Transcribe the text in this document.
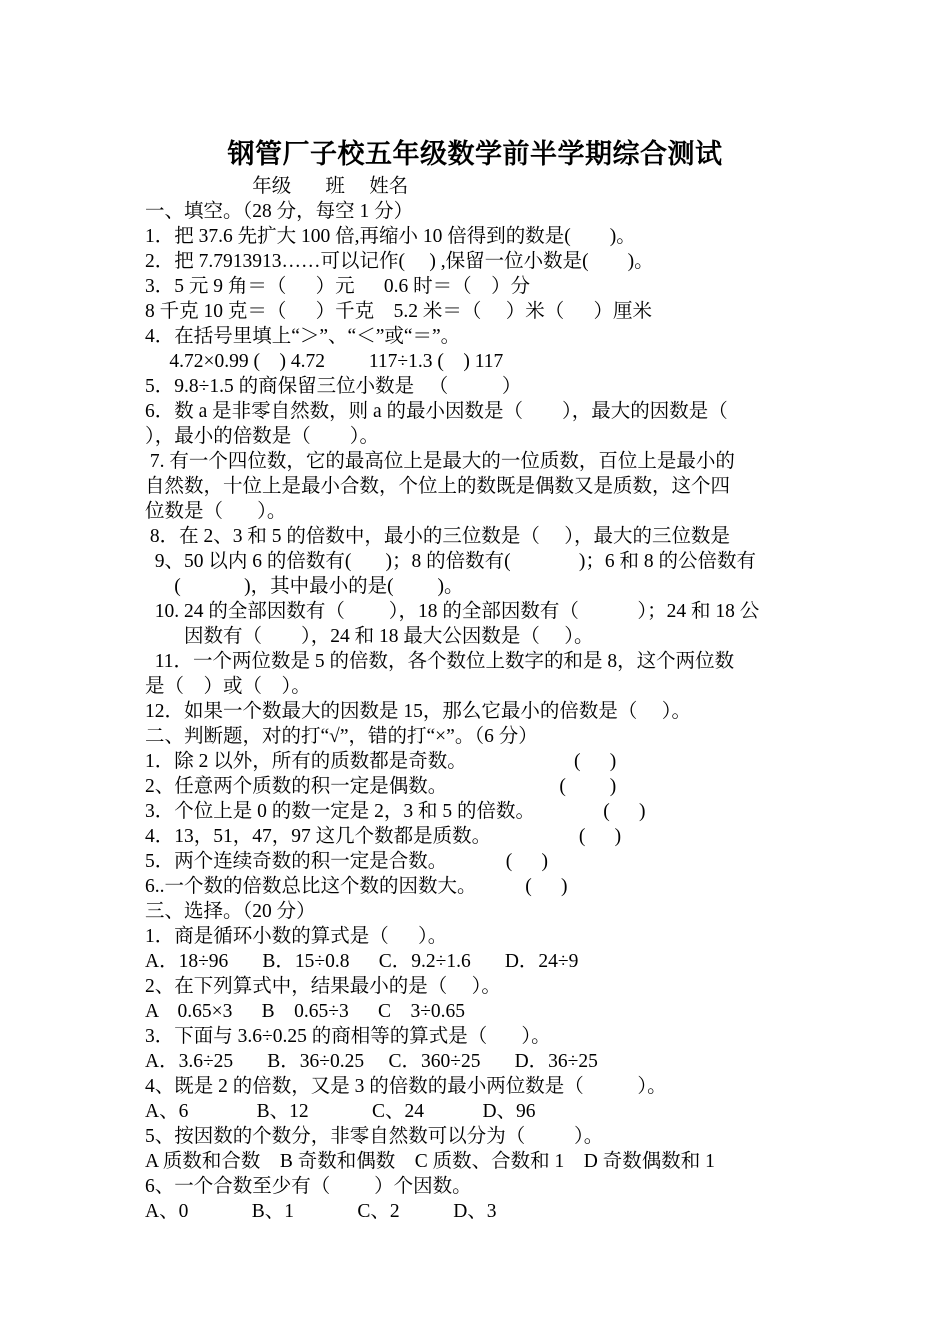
钢管厂子校五年级数学前半学期综合测试
年级       班     姓名
一、填空。（28 分，每空 1 分）
1．把 37.6 先扩大 100 倍,再缩小 10 倍得到的数是(        )。
2．把 7.7913913……可以记作(     ) ,保留一位小数是(        )。
3．5 元 9 角＝（      ）元      0.6 时＝（    ）分
8 千克 10 克＝（      ）千克    5.2 米＝（     ）米（      ）厘米
4．在括号里填上“＞”、“＜”或“＝”。
4.72×0.99 (    ) 4.72         117÷1.3 (    ) 117
5．9.8÷1.5 的商保留三位小数是   （           ）
6．数 a 是非零自然数，则 a 的最小因数是（        ），最大的因数是（
），最小的倍数是（        ）。
7. 有一个四位数，它的最高位上是最大的一位质数，百位上是最小的
自然数，十位上是最小合数，个位上的数既是偶数又是质数，这个四
位数是（       ）。
8．在 2、3 和 5 的倍数中，最小的三位数是（     ），最大的三位数是
9、50 以内 6 的倍数有(       )；8 的倍数有(              )；6 和 8 的公倍数有
(             )，其中最小的是(         )。
10. 24 的全部因数有（         ），18 的全部因数有（            ）；24 和 18 公
因数有（        ），24 和 18 最大公因数是（     ）。
11．一个两位数是 5 的倍数，各个数位上数字的和是 8，这个两位数
是（    ）或（    ）。
12．如果一个数最大的因数是 15，那么它最小的倍数是（     ）。
二、判断题，对的打“√”，错的打“×”。（6 分）
1．除 2 以外，所有的质数都是奇数。                      (      )
2、任意两个质数的积一定是偶数。                       (         )
3．个位上是 0 的数一定是 2，3 和 5 的倍数。              (      )
4．13，51，47，97 这几个数都是质数。                  (      )
5．两个连续奇数的积一定是合数。            (      )
6..一个数的倍数总比这个数的因数大。          (      )
三、选择。（20 分）
1．商是循环小数的算式是（      ）。
A．18÷96       B．15÷0.8      C．9.2÷1.6       D．24÷9
2、在下列算式中，结果最小的是（     ）。
A    0.65×3      B    0.65÷3      C    3÷0.65
3．下面与 3.6÷0.25 的商相等的算式是（       ）。
A．3.6÷25       B．36÷0.25     C．360÷25       D．36÷25
4、既是 2 的倍数，又是 3 的倍数的最小两位数是（           ）。
A、6              B、12             C、24            D、96
5、按因数的个数分，非零自然数可以分为（          ）。
A 质数和合数    B 奇数和偶数    C 质数、合数和 1    D 奇数偶数和 1
6、一个合数至少有（         ）个因数。
A、0             B、1             C、2           D、3
